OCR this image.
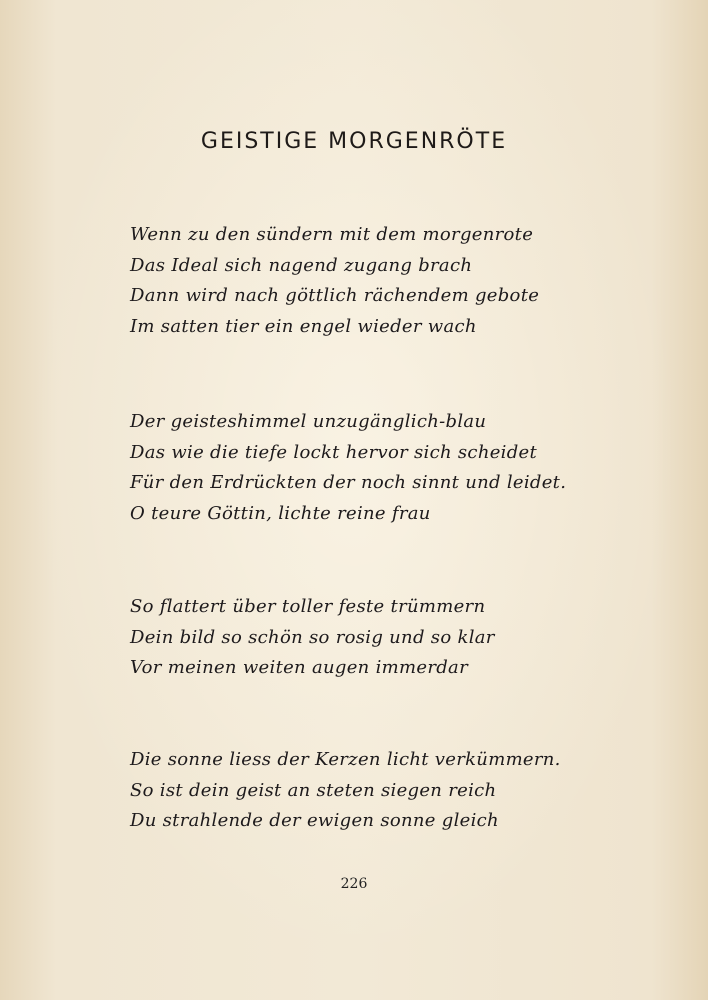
GEISTIGE MORGENRÖTE
Wenn zu den sündern mit dem morgenrote
Das Ideal sich nagend zugang brach
Dann wird nach göttlich rächendem gebote
Im satten tier ein engel wieder wach
Der geisteshimmel unzugänglich-blau
Das wie die tiefe lockt hervor sich scheidet
Für den Erdrückten der noch sinnt und leidet.
O teure Göttin, lichte reine frau
So flattert über toller feste trümmern
Dein bild so schön so rosig und so klar
Vor meinen weiten augen immerdar
Die sonne liess der Kerzen licht verkümmern.
So ist dein geist an steten siegen reich
Du strahlende der ewigen sonne gleich
226
